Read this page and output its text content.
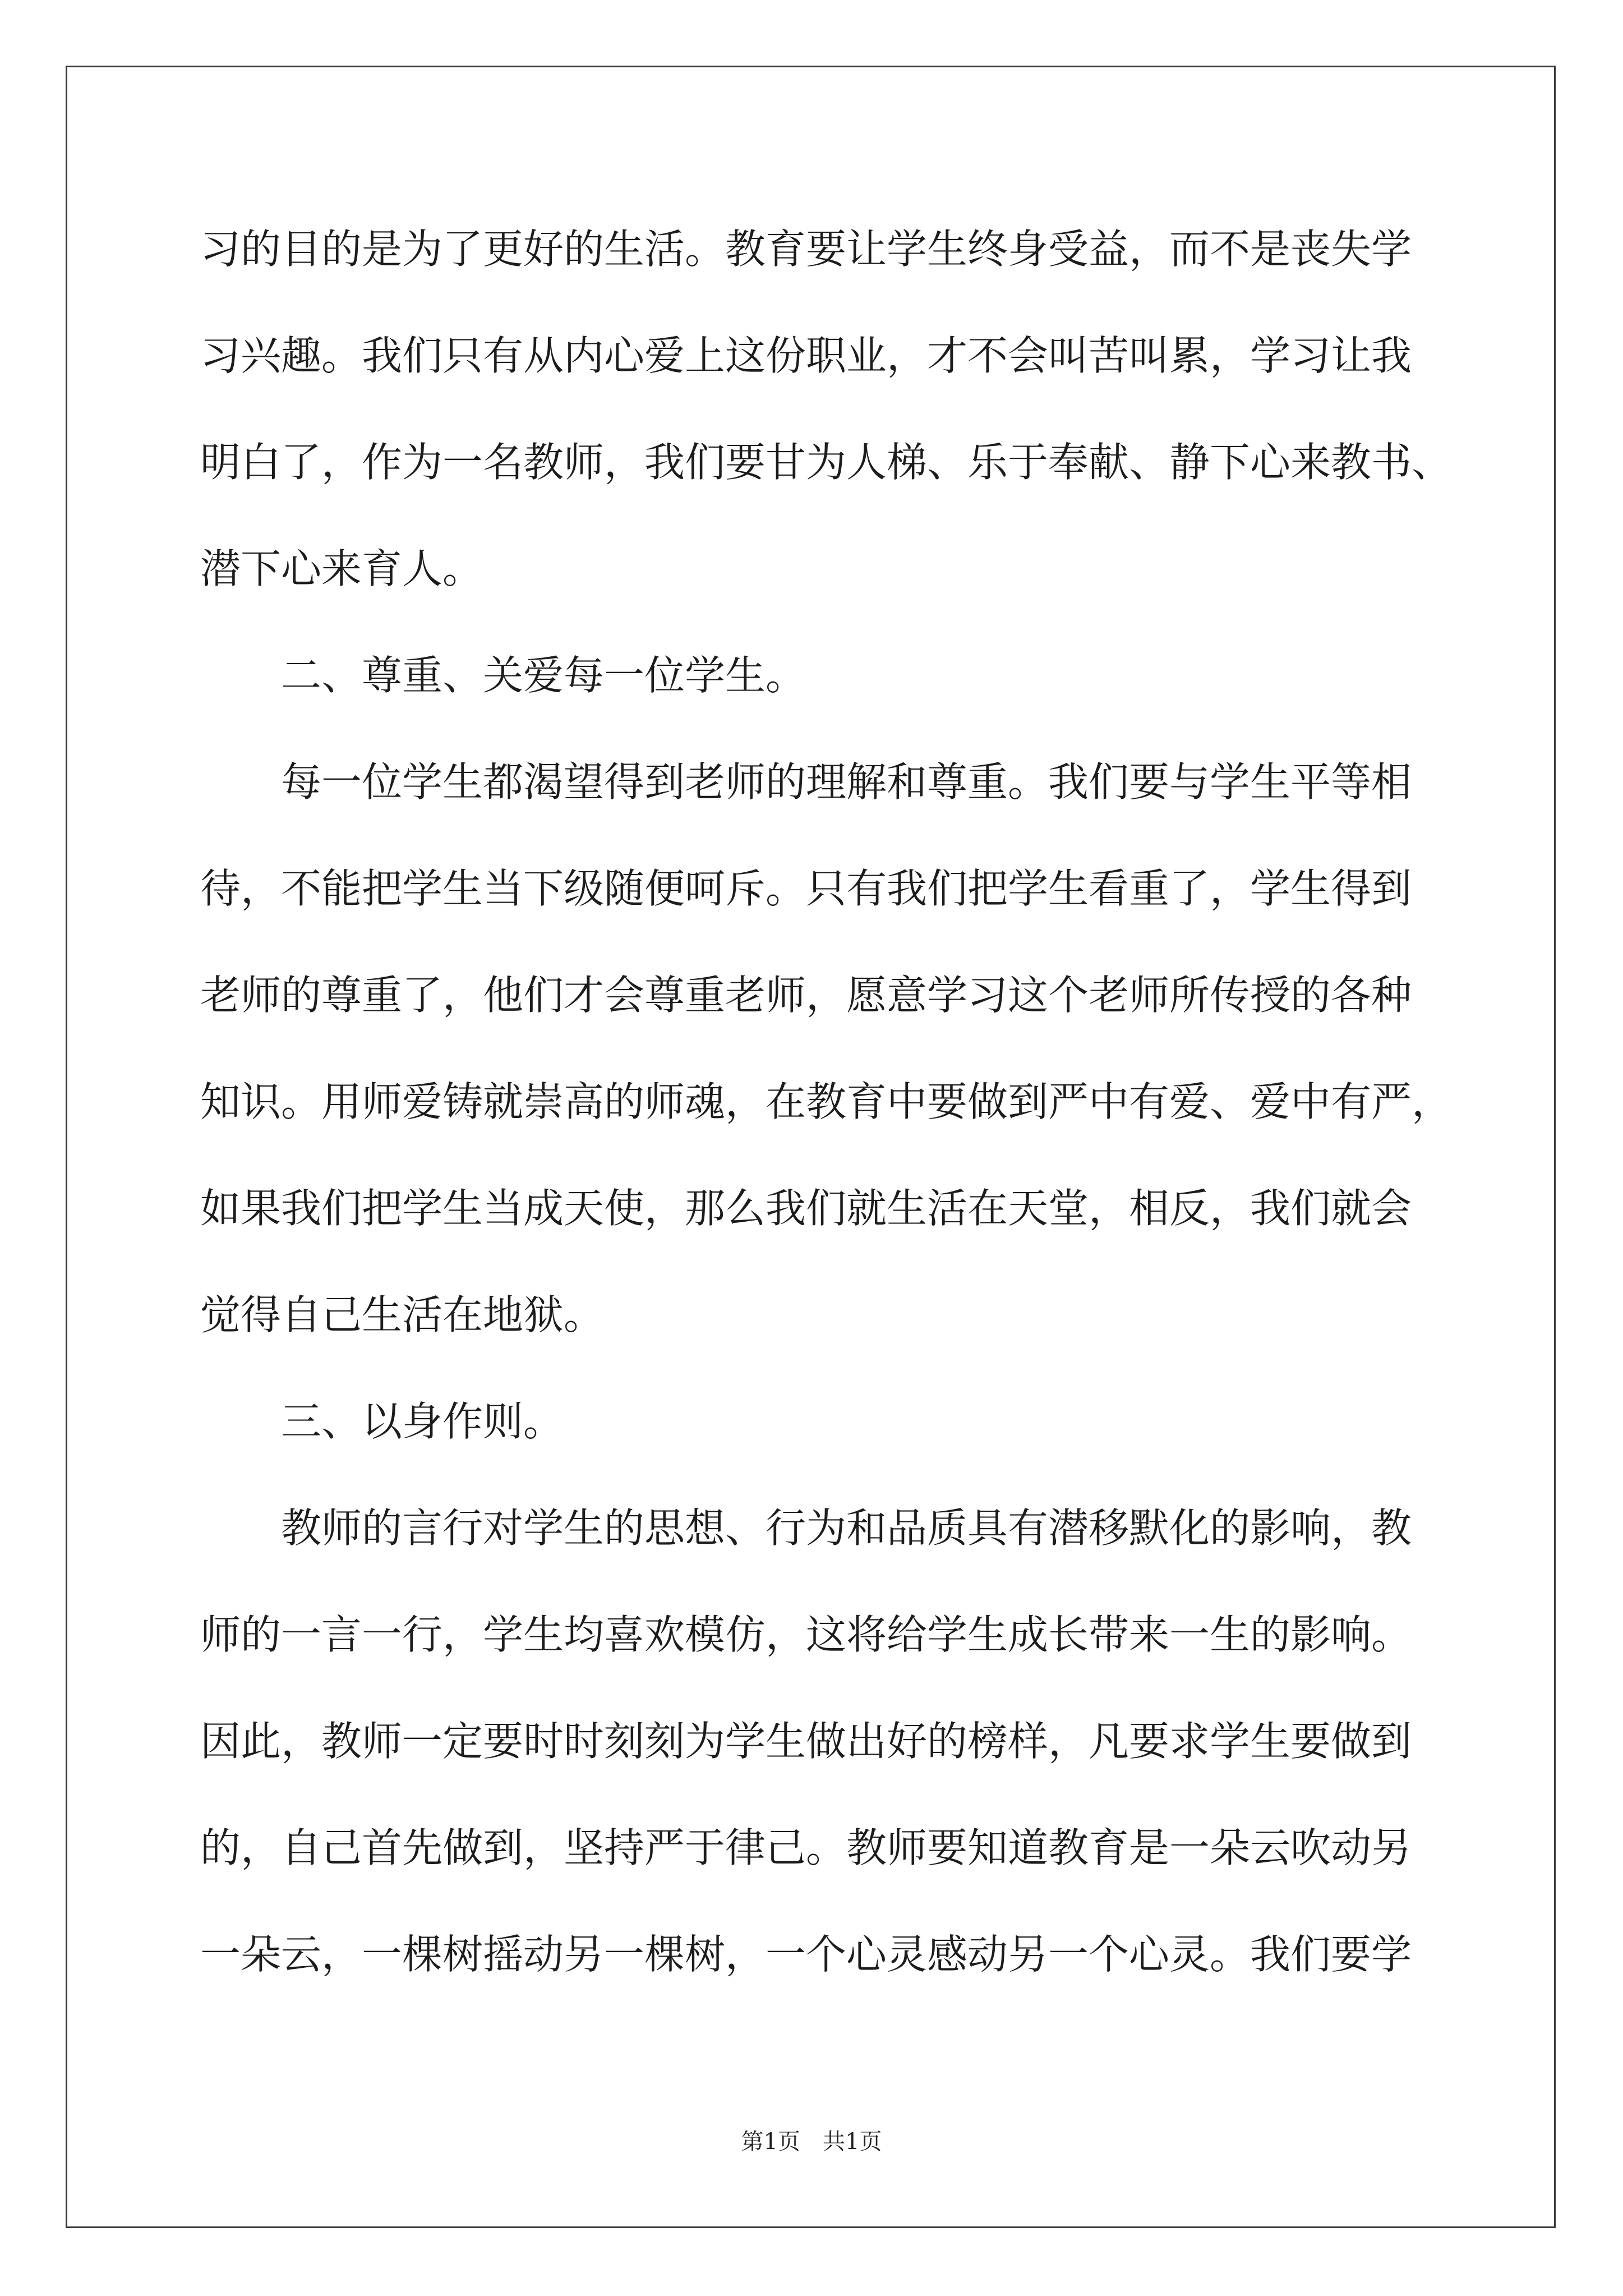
习的目的是为了更好的生活。教育要让学生终身受益，而不是丧失学
习兴趣。我们只有从内心爱上这份职业，才不会叫苦叫累，学习让我
明白了，作为一名教师，我们要甘为人梯、乐于奉献、静下心来教书、
潜下心来育人。
二、尊重、关爱每一位学生。
每一位学生都渴望得到老师的理解和尊重。我们要与学生平等相
待，不能把学生当下级随便呵斥。只有我们把学生看重了，学生得到
老师的尊重了，他们才会尊重老师，愿意学习这个老师所传授的各种
知识。用师爱铸就崇高的师魂，在教育中要做到严中有爱、爱中有严，
如果我们把学生当成天使，那么我们就生活在天堂，相反，我们就会
觉得自己生活在地狱。
三、以身作则。
教师的言行对学生的思想、行为和品质具有潜移默化的影响，教
师的一言一行，学生均喜欢模仿，这将给学生成长带来一生的影响。
因此，教师一定要时时刻刻为学生做出好的榜样，凡要求学生要做到
的，自己首先做到，坚持严于律己。教师要知道教育是一朵云吹动另
一朵云，一棵树摇动另一棵树，一个心灵感动另一个心灵。我们要学
第1页　共1页
